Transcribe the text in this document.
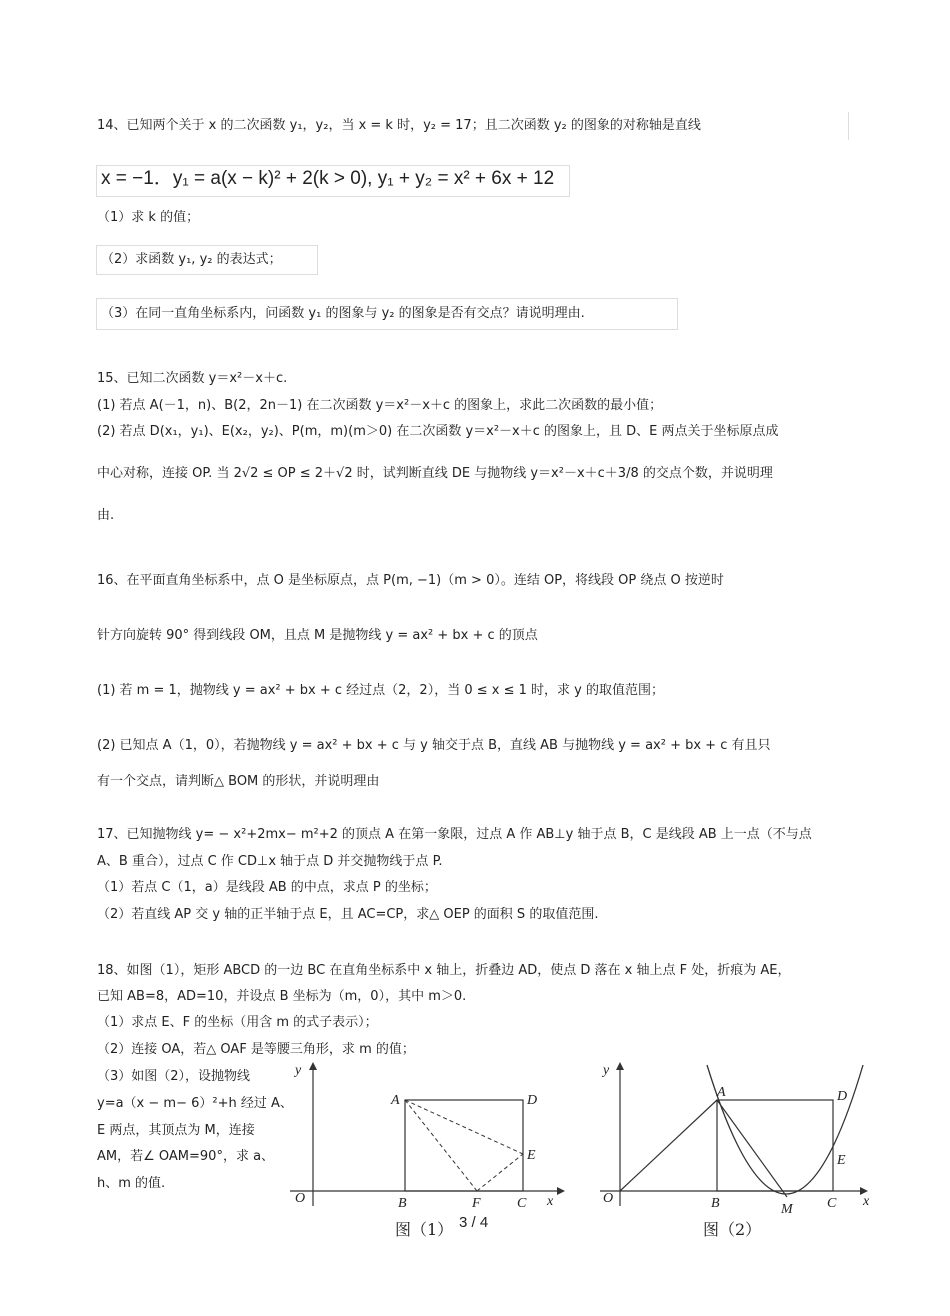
14、已知两个关于 x 的二次函数 y₁，y₂，当 x = k 时，y₂ = 17；且二次函数 y₂ 的图象的对称轴是直线
x = −1．y₁ = a(x − k)² + 2(k > 0), y₁ + y₂ = x² + 6x + 12
（1）求 k 的值；
（2）求函数 y₁, y₂ 的表达式；
（3）在同一直角坐标系内，问函数 y₁ 的图象与 y₂ 的图象是否有交点？请说明理由.
15、已知二次函数 y＝x²－x＋c.
(1) 若点 A(－1，n)、B(2，2n－1) 在二次函数 y＝x²－x＋c 的图象上，求此二次函数的最小值；
(2) 若点 D(x₁，y₁)、E(x₂，y₂)、P(m，m)(m＞0) 在二次函数 y＝x²－x＋c 的图象上，且 D、E 两点关于坐标原点成
中心对称，连接 OP. 当 2√2 ≤ OP ≤ 2＋√2 时，试判断直线 DE 与抛物线 y＝x²－x＋c＋3/8 的交点个数，并说明理
由.
16、在平面直角坐标系中，点 O 是坐标原点，点 P(m, −1)（m > 0）。连结 OP，将线段 OP 绕点 O 按逆时
针方向旋转 90° 得到线段 OM，且点 M 是抛物线 y = ax² + bx + c 的顶点
(1) 若 m = 1，抛物线 y = ax² + bx + c 经过点（2，2），当 0 ≤ x ≤ 1 时，求 y 的取值范围；
(2) 已知点 A（1，0），若抛物线 y = ax² + bx + c 与 y 轴交于点 B，直线 AB 与抛物线 y = ax² + bx + c 有且只
有一个交点，请判断△ BOM 的形状，并说明理由
17、已知抛物线 y= − x²+2mx− m²+2 的顶点 A 在第一象限，过点 A 作 AB⊥y 轴于点 B，C 是线段 AB 上一点（不与点
A、B 重合），过点 C 作 CD⊥x 轴于点 D 并交抛物线于点 P.
（1）若点 C（1，a）是线段 AB 的中点，求点 P 的坐标；
（2）若直线 AP 交 y 轴的正半轴于点 E，且 AC=CP，求△ OEP 的面积 S 的取值范围.
18、如图（1），矩形 ABCD 的一边 BC 在直角坐标系中 x 轴上，折叠边 AD，使点 D 落在 x 轴上点 F 处，折痕为 AE，
已知 AB=8，AD=10，并设点 B 坐标为（m，0），其中 m＞0.
（1）求点 E、F 的坐标（用含 m 的式子表示）；
（2）连接 OA，若△ OAF 是等腰三角形，求 m 的值；
（3）如图（2），设抛物线
y=a（x − m− 6）²+h 经过 A、
E 两点，其顶点为 M，连接
AM，若∠ OAM=90°，求 a、
h、m 的值.
y
x
O
A
B	C
D
E
F
图（1）
y
x
O
A
B	C
D
E
M
图（2）
3 / 4
